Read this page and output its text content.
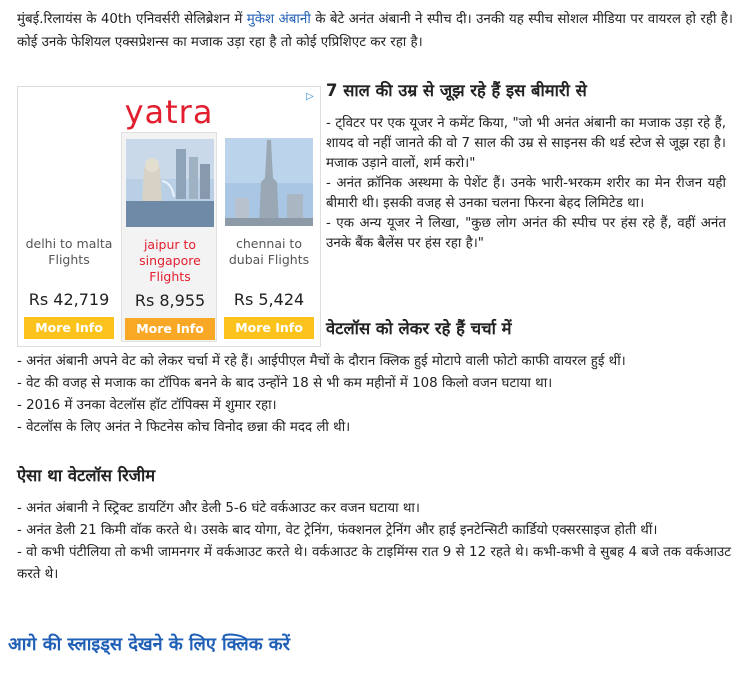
मुंबई.रिलायंस के 40th एनिवर्सरी सेलिब्रेशन में मुकेश अंबानी के बेटे अनंत अंबानी ने स्पीच दी। उनकी यह स्पीच सोशल मीडिया पर वायरल हो रही है। कोई उनके फेशियल एक्सप्रेशन्स का मजाक उड़ा रहा है तो कोई एप्रिशिएट कर रहा है।
▷
yatra
delhi to malta Flights
Rs 42,719
More Info
jaipur to singapore Flights
Rs 8,955
More Info
chennai to dubai Flights
Rs 5,424
More Info
7 साल की उम्र से जूझ रहे हैं इस बीमारी से

- ट्विटर पर एक यूजर ने कमेंट किया, "जो भी अनंत अंबानी का मजाक उड़ा रहे हैं, शायद वो नहीं जानते की वो 7 साल की उम्र से साइनस की थर्ड स्टेज से जूझ रहा है। मजाक उड़ाने वालों, शर्म करो।"

- अनंत क्रॉनिक अस्थमा के पेशेंट हैं। उनके भारी-भरकम शरीर का मेन रीजन यही बीमारी थी। इसकी वजह से उनका चलना फिरना बेहद लिमिटेड था।

- एक अन्य यूजर ने लिखा, "कुछ लोग अनंत की स्पीच पर हंस रहे हैं, वहीं अनंत उनके बैंक बैलेंस पर हंस रहा है।"

वेटलॉस को लेकर रहे हैं चर्चा में

- अनंत अंबानी अपने वेट को लेकर चर्चा में रहे हैं। आईपीएल मैचों के दौरान क्लिक हुई मोटापे वाली फोटो काफी वायरल हुई थीं।

- वेट की वजह से मजाक का टॉपिक बनने के बाद उन्होंने 18 से भी कम महीनों में 108 किलो वजन घटाया था।

- 2016 में उनका वेटलॉस हॉट टॉपिक्स में शुमार रहा।

- वेटलॉस के लिए अनंत ने फिटनेस कोच विनोद छन्ना की मदद ली थी।

ऐसा था वेटलॉस रिजीम

- अनंत अंबानी ने स्ट्रिक्ट डायटिंग और डेली 5-6 घंटे वर्कआउट कर वजन घटाया था।

- अनंत डेली 21 किमी वॉक करते थे। उसके बाद योगा, वेट ट्रेनिंग, फंक्शनल ट्रेनिंग और हाई इनटेन्सिटी कार्डियो एक्सरसाइज होती थीं।

- वो कभी पंटीलिया तो कभी जामनगर में वर्कआउट करते थे। वर्कआउट के टाइमिंग्स रात 9 से 12 रहते थे। कभी-कभी वे सुबह 4 बजे तक वर्कआउट करते थे।

आगे की स्लाइड्स देखने के लिए क्लिक करें
